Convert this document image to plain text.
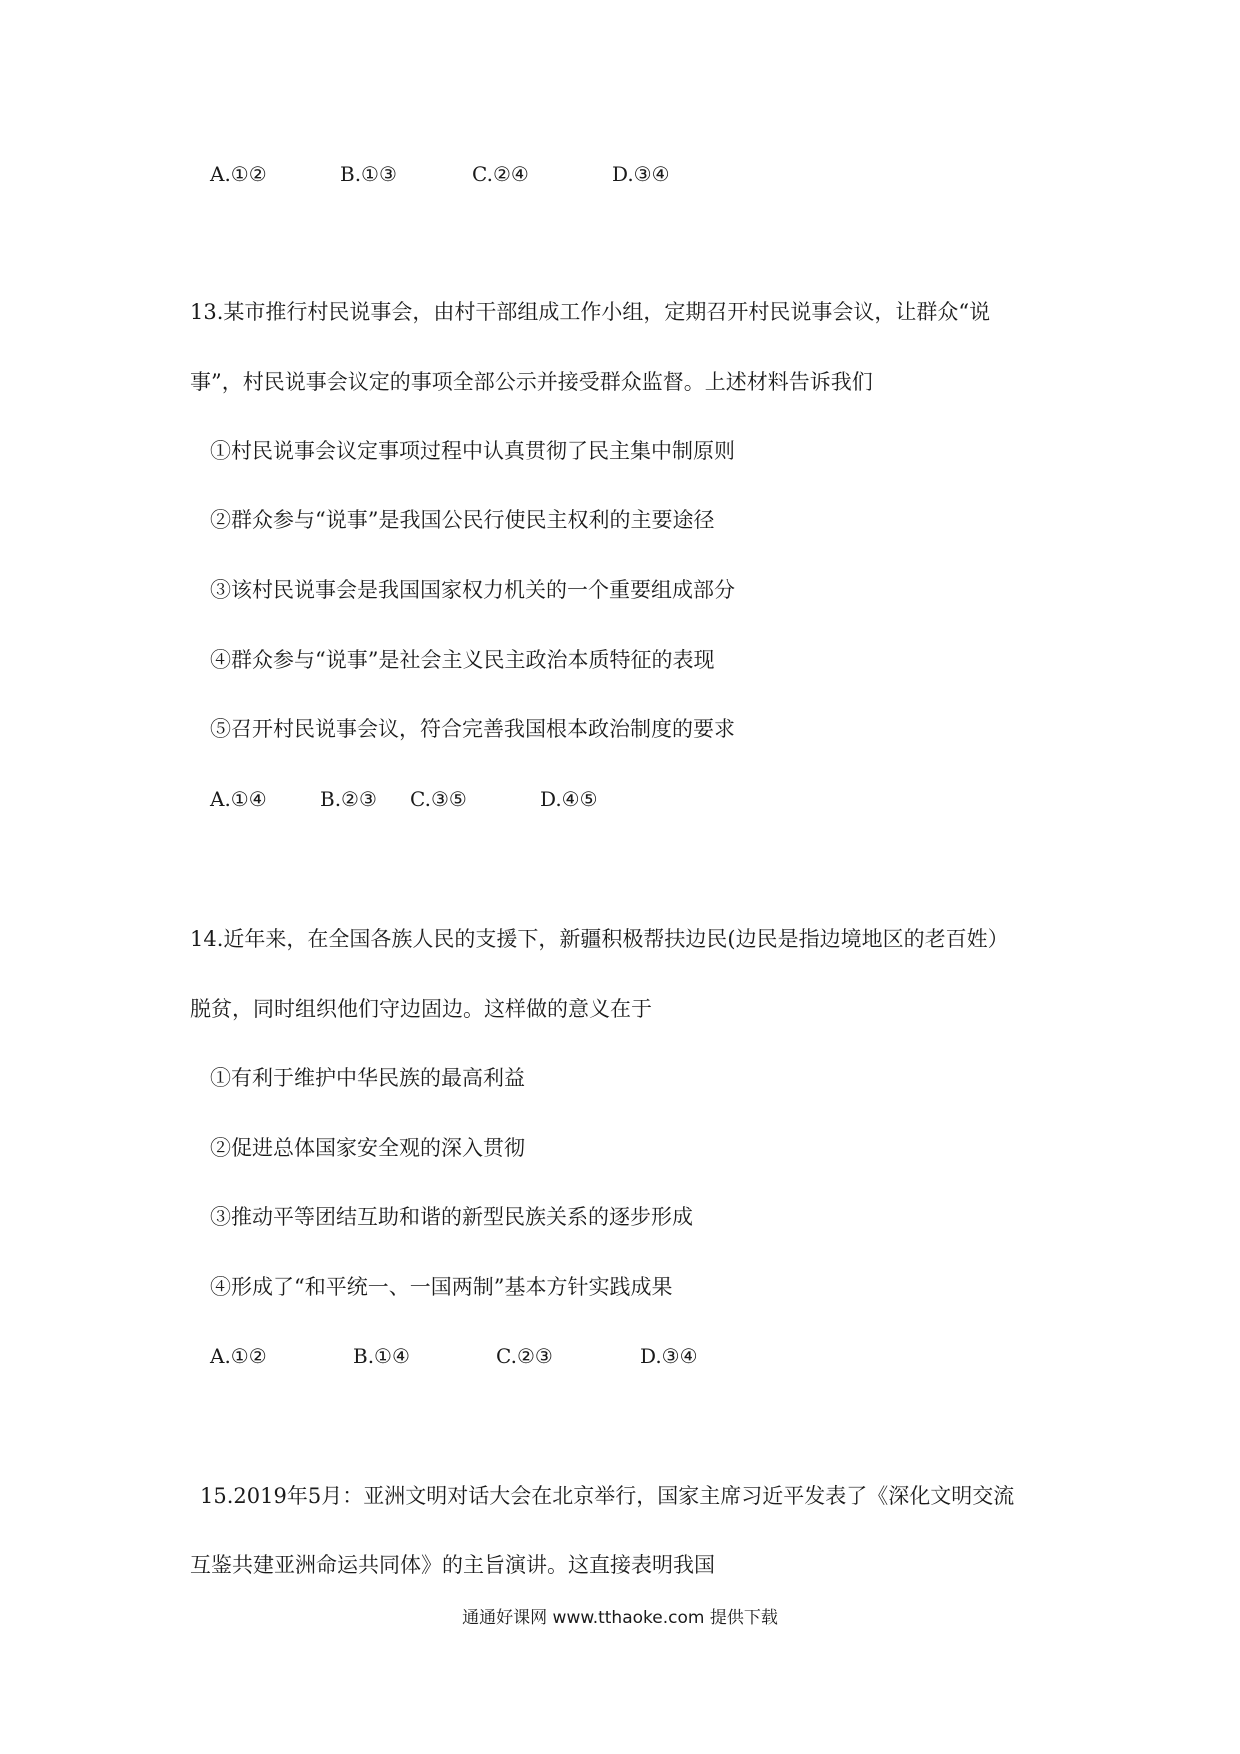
A.①②	B.①③	C.②④	D.③④
13.某市推行村民说事会，由村干部组成工作小组，定期召开村民说事会议，让群众“说
事”，村民说事会议定的事项全部公示并接受群众监督。上述材料告诉我们
①村民说事会议定事项过程中认真贯彻了民主集中制原则
②群众参与“说事”是我国公民行使民主权利的主要途径
③该村民说事会是我国国家权力机关的一个重要组成部分
④群众参与“说事”是社会主义民主政治本质特征的表现
⑤召开村民说事会议，符合完善我国根本政治制度的要求
A.①④	B.②③ C.③⑤	D.④⑤
14.近年来，在全国各族人民的支援下，新疆积极帮扶边民(边民是指边境地区的老百姓）
脱贫，同时组织他们守边固边。这样做的意义在于
①有利于维护中华民族的最高利益
②促进总体国家安全观的深入贯彻
③推动平等团结互助和谐的新型民族关系的逐步形成
④形成了“和平统一、一国两制”基本方针实践成果
A.①②	B.①④	C.②③	D.③④
15.2019年5月：亚洲文明对话大会在北京举行，国家主席习近平发表了《深化文明交流
互鉴共建亚洲命运共同体》的主旨演讲。这直接表明我国
通通好课网 www.tthaoke.com 提供下载
